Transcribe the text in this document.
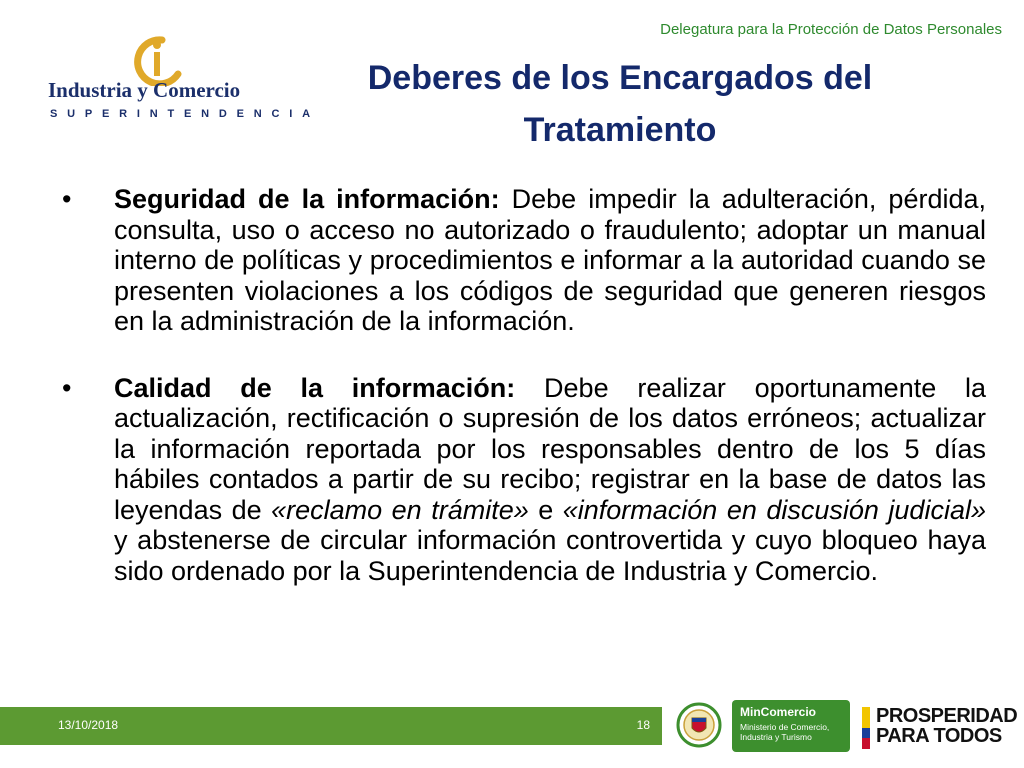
Delegatura para la Protección de Datos Personales
Industria y Comercio
SUPERINTENDENCIA
Deberes de los Encargados del
Tratamiento
• Seguridad de la información: Debe impedir la adulteración, pérdida, consulta, uso o acceso no autorizado o fraudulento; adoptar un manual interno de políticas y procedimientos e informar a la autoridad cuando se presenten violaciones a los códigos de seguridad que generen riesgos en la administración de la información.
• Calidad de la información: Debe realizar oportunamente la actualización, rectificación o supresión de los datos erróneos; actualizar la información reportada por los responsables dentro de los 5 días hábiles contados a partir de su recibo; registrar en la base de datos las leyendas de «reclamo en trámite» e «información en discusión judicial» y abstenerse de circular información controvertida y cuyo bloqueo haya sido ordenado por la Superintendencia de Industria y Comercio.
13/10/2018	18
MinComercio
Ministerio de Comercio, Industria y Turismo
PROSPERIDAD
PARA TODOS
